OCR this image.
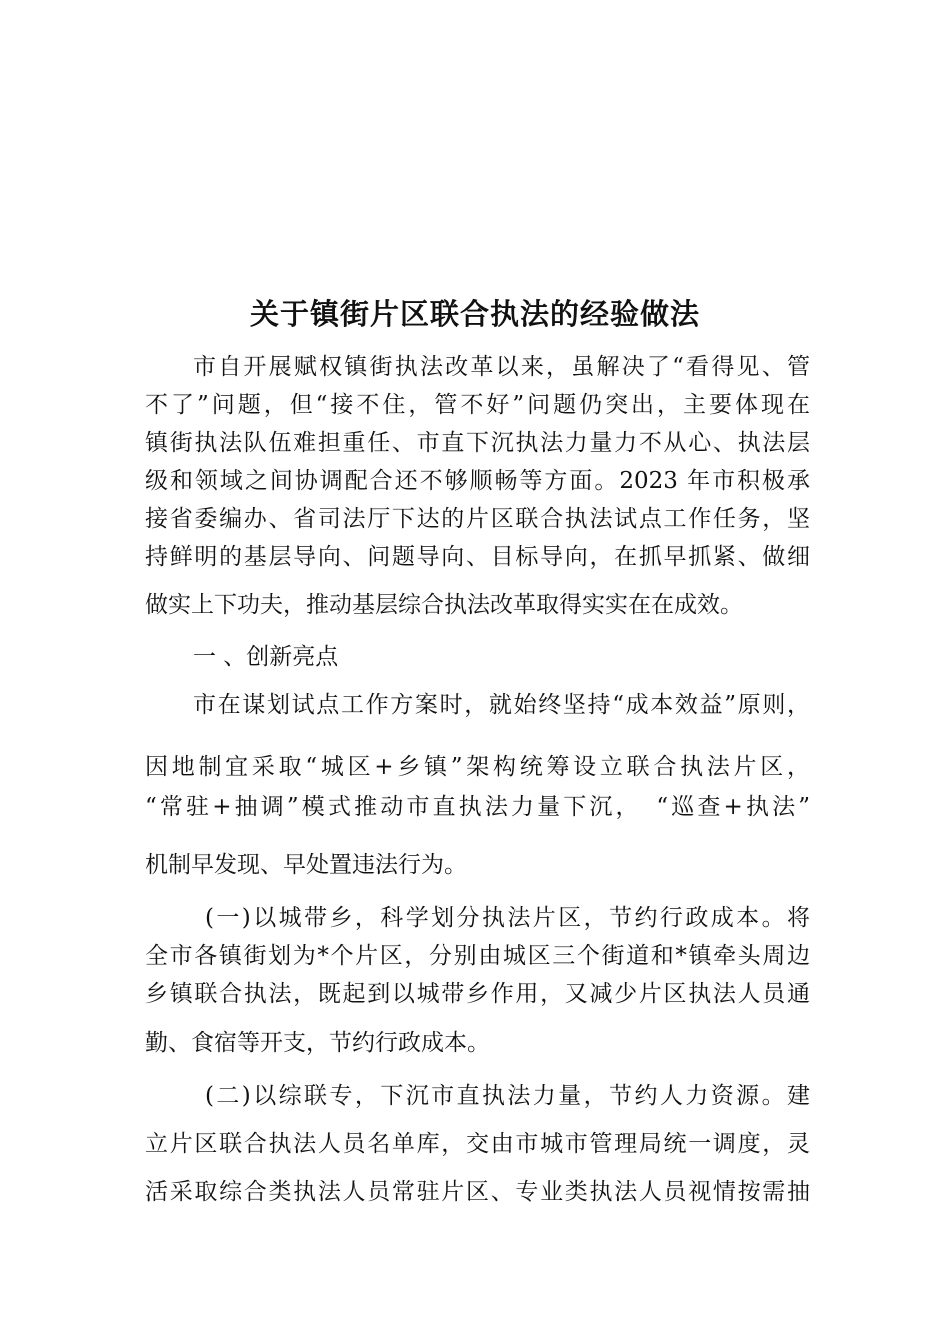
关于镇街片区联合执法的经验做法
市自开展赋权镇街执法改革以来，虽解决了“看得见、管
不了”问题，但“接不住，管不好”问题仍突出，主要体现在
镇街执法队伍难担重任、市直下沉执法力量力不从心、执法层
级和领域之间协调配合还不够顺畅等方面。2023 年市积极承
接省委编办、省司法厅下达的片区联合执法试点工作任务，坚
持鲜明的基层导向、问题导向、目标导向，在抓早抓紧、做细
做实上下功夫，推动基层综合执法改革取得实实在在成效。
一 、创新亮点
市在谋划试点工作方案时，就始终坚持“成本效益”原则，
因地制宜采取“城区+乡镇”架构统筹设立联合执法片区，
“常驻+抽调”模式推动市直执法力量下沉，　“巡查+执法”
机制早发现、早处置违法行为。
(一)以城带乡，科学划分执法片区，节约行政成本。将
全市各镇街划为*个片区，分别由城区三个街道和*镇牵头周边
乡镇联合执法，既起到以城带乡作用，又减少片区执法人员通
勤、食宿等开支，节约行政成本。
(二)以综联专，下沉市直执法力量，节约人力资源。建
立片区联合执法人员名单库，交由市城市管理局统一调度，灵
活采取综合类执法人员常驻片区、专业类执法人员视情按需抽
